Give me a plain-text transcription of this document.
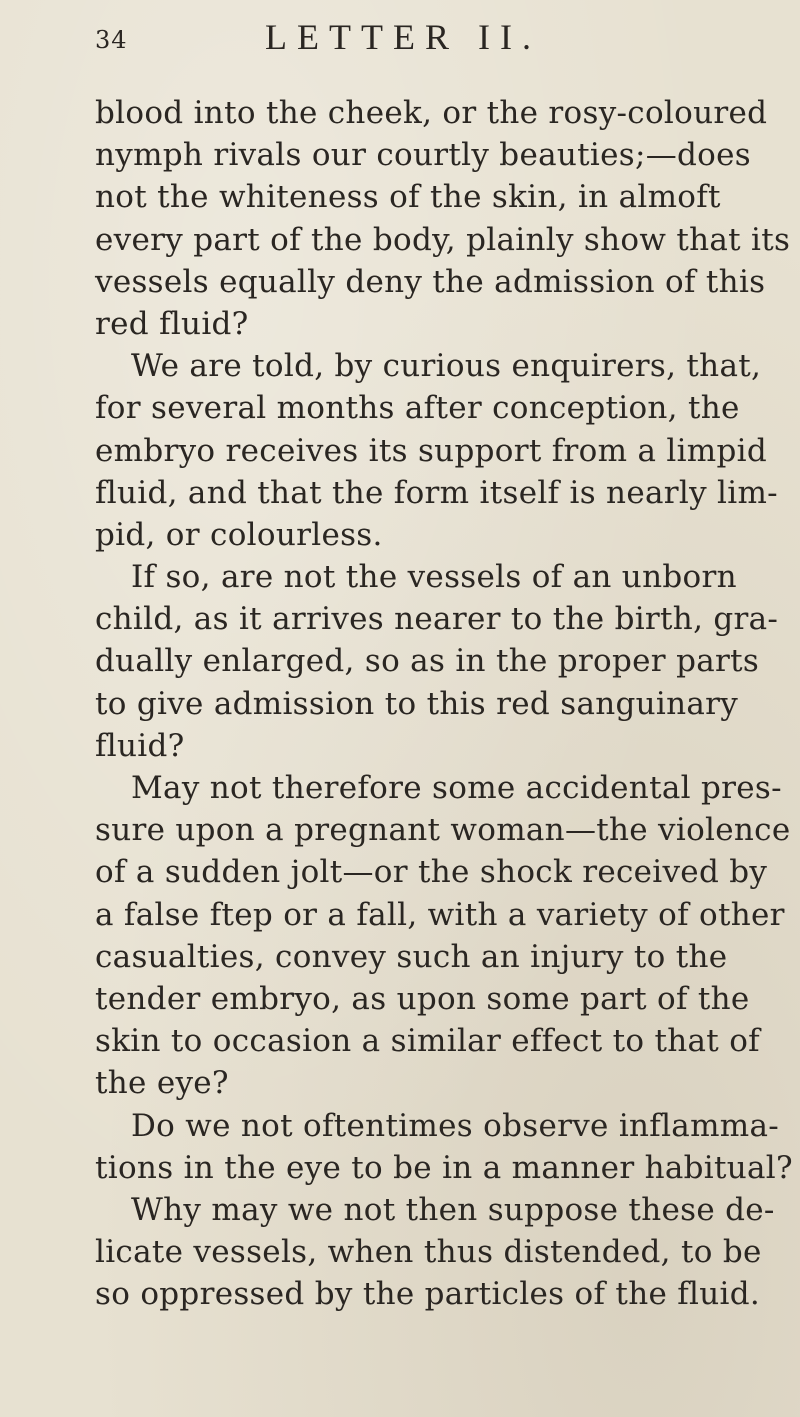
34	LETTER II.
blood into the cheek, or the rosy-coloured
nymph rivals our courtly beauties;—does
not the whiteness of the skin, in almoft
every part of the body, plainly show that its
vessels equally deny the admission of this
red fluid?
We are told, by curious enquirers, that,
for several months after conception, the
embryo receives its support from a limpid
fluid, and that the form itself is nearly lim-
pid, or colourless.
If so, are not the vessels of an unborn
child, as it arrives nearer to the birth, gra-
dually enlarged, so as in the proper parts
to give admission to this red sanguinary
fluid?
May not therefore some accidental pres-
sure upon a pregnant woman—the violence
of a sudden jolt—or the shock received by
a false ftep or a fall, with a variety of other
casualties, convey such an injury to the
tender embryo, as upon some part of the
skin to occasion a similar effect to that of
the eye?
Do we not oftentimes observe inflamma-
tions in the eye to be in a manner habitual?
Why may we not then suppose these de-
licate vessels, when thus distended, to be
so oppressed by the particles of the fluid.
